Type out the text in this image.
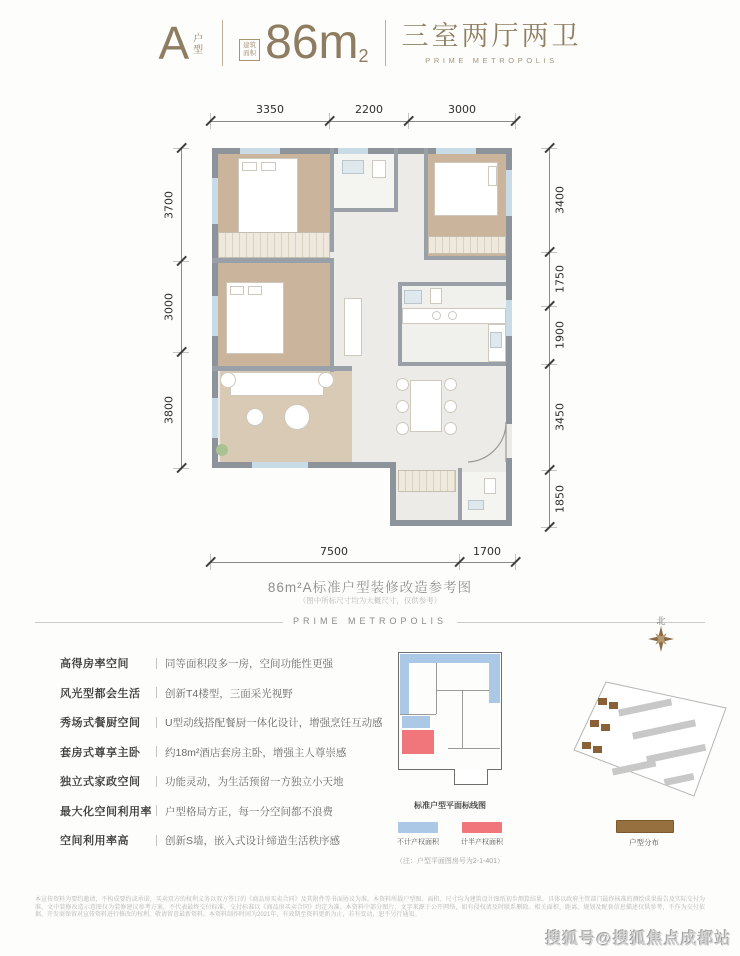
A 户型	建筑面积 86m 2
三室两厅两卫
PRIME METROPOLIS
3350	2200	3000
3700
3000
3800
3400
1750
1900
3450
1850
7500	1700
86m²A标准户型装修改造参考图
（图中所标尺寸均为大概尺寸，仅供参考）
PRIME METROPOLIS
高得房率空间	同等面积段多一房，空间功能性更强
风光型都会生活	创新T4楼型，三面采光视野
秀场式餐厨空间	U型动线搭配餐厨一体化设计，增强烹饪互动感
套房式尊享主卧	约18m²酒店套房主卧，增强主人尊崇感
独立式家政空间	功能灵动，为生活预留一方独立小天地
最大化空间利用率	户型格局方正，每一分空间都不浪费
空间利用率高	创新S墙，嵌入式设计缔造生活秩序感
标准户型平面标线图
不计产权面积	计半产权面积
（注：户型平面图房号为2-1-401）
北
户型分布
本宣传资料为要约邀请，不构成要约或承诺，买卖双方的权利义务以双方签订的《商品房买卖合同》及其附件等书面协议为准。本资料所载户型图、面积、尺寸均为建筑设计图纸初步测算结果，具体以政府主管部门最终核准的测绘成果报告及实际交付为准。文中装修改造示意图仅为装修建议参考方案，不代表最终交付标准，交付标准以《商品房买卖合同》约定为准。本资料中部分图片、文字来源于公开网络，如有侵权请及时联系删除。相关面积、距离、规划及配套信息描述仅供参考，不作为交付依据，开发商保留对宣传资料进行修改的权利，敬请留意最新资料。本资料制作时间为2021年，有效期至资料更新为止，若有变动，恕不另行通知。
搜狐号@搜狐焦点成都站
